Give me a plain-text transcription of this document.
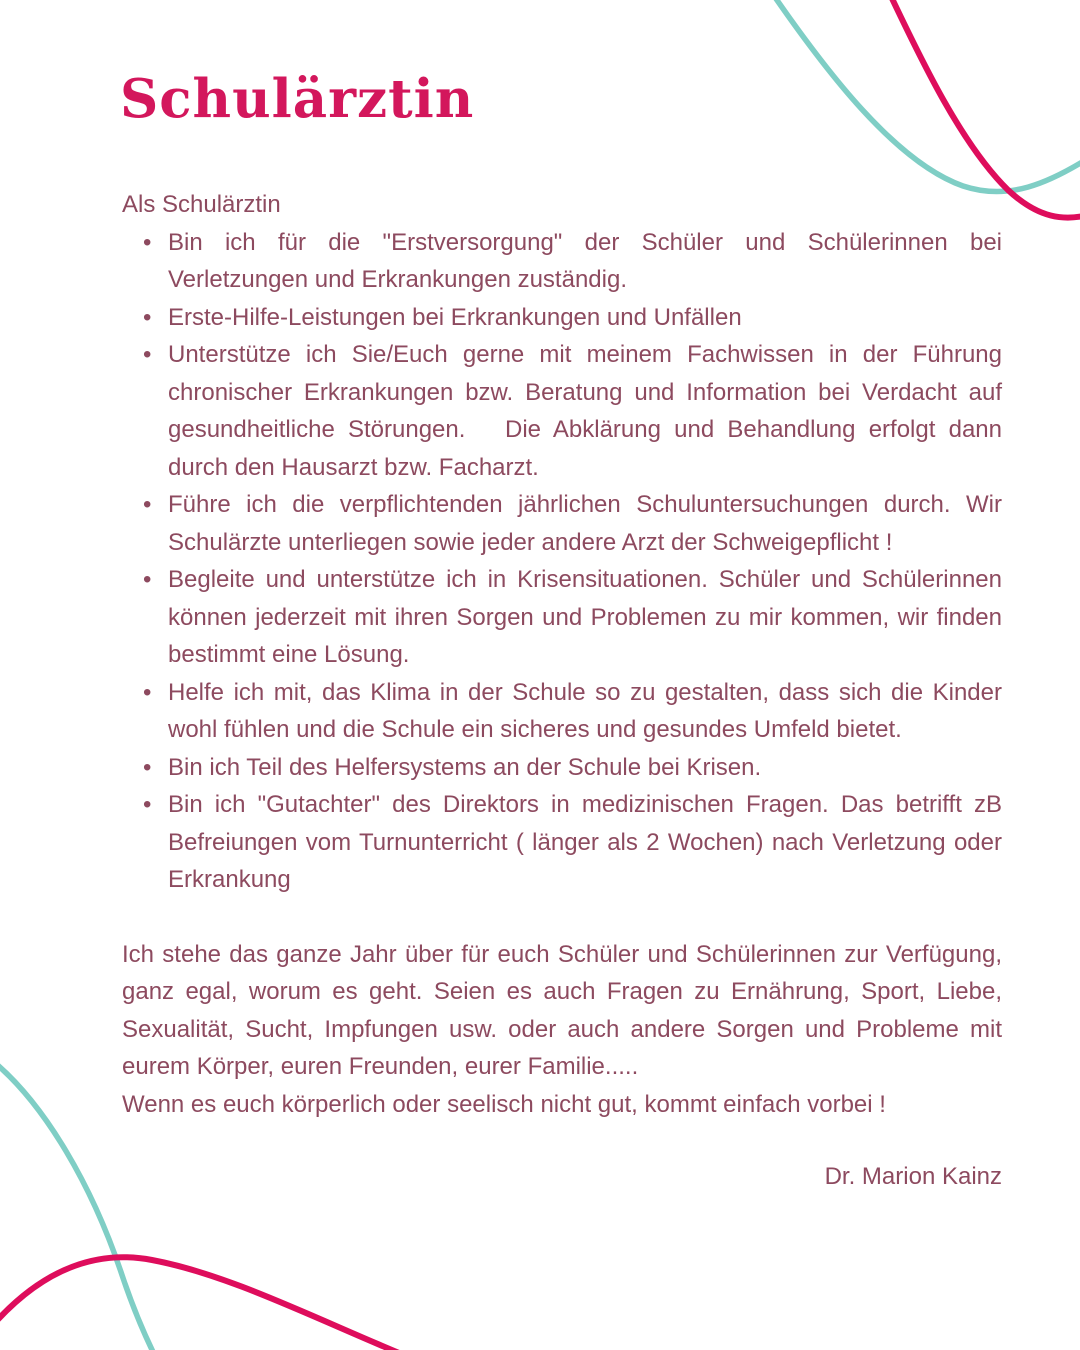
Schulärztin

Als Schulärztin

• Bin ich für die "Erstversorgung" der Schüler und Schülerinnen bei Verletzungen und Erkrankungen zuständig.
• Erste-Hilfe-Leistungen bei Erkrankungen und Unfällen
• Unterstütze ich Sie/Euch gerne mit meinem Fachwissen in der Führung chronischer Erkrankungen bzw. Beratung und Information bei Verdacht auf gesundheitliche Störungen.   Die Abklärung und Behandlung erfolgt dann durch den Hausarzt bzw. Facharzt.
• Führe ich die verpflichtenden jährlichen Schuluntersuchungen durch. Wir Schulärzte unterliegen sowie jeder andere Arzt der Schweigepflicht !
• Begleite und unterstütze ich in Krisensituationen. Schüler und Schülerinnen können jederzeit mit ihren Sorgen und Problemen zu mir kommen, wir finden bestimmt eine Lösung.
• Helfe ich mit, das Klima in der Schule so zu gestalten, dass sich die Kinder wohl fühlen und die Schule ein sicheres und gesundes Umfeld bietet.
• Bin ich Teil des Helfersystems an der Schule bei Krisen.
• Bin ich "Gutachter" des Direktors in medizinischen Fragen. Das betrifft zB Befreiungen vom Turnunterricht ( länger als 2 Wochen) nach Verletzung oder Erkrankung

Ich stehe das ganze Jahr über für euch Schüler und Schülerinnen zur Verfügung, ganz egal, worum es geht. Seien es auch Fragen zu Ernährung, Sport, Liebe, Sexualität, Sucht, Impfungen usw. oder auch andere Sorgen und Probleme mit eurem Körper, euren Freunden, eurer Familie.....

Wenn es euch körperlich oder seelisch nicht gut, kommt einfach vorbei !

Dr. Marion Kainz
